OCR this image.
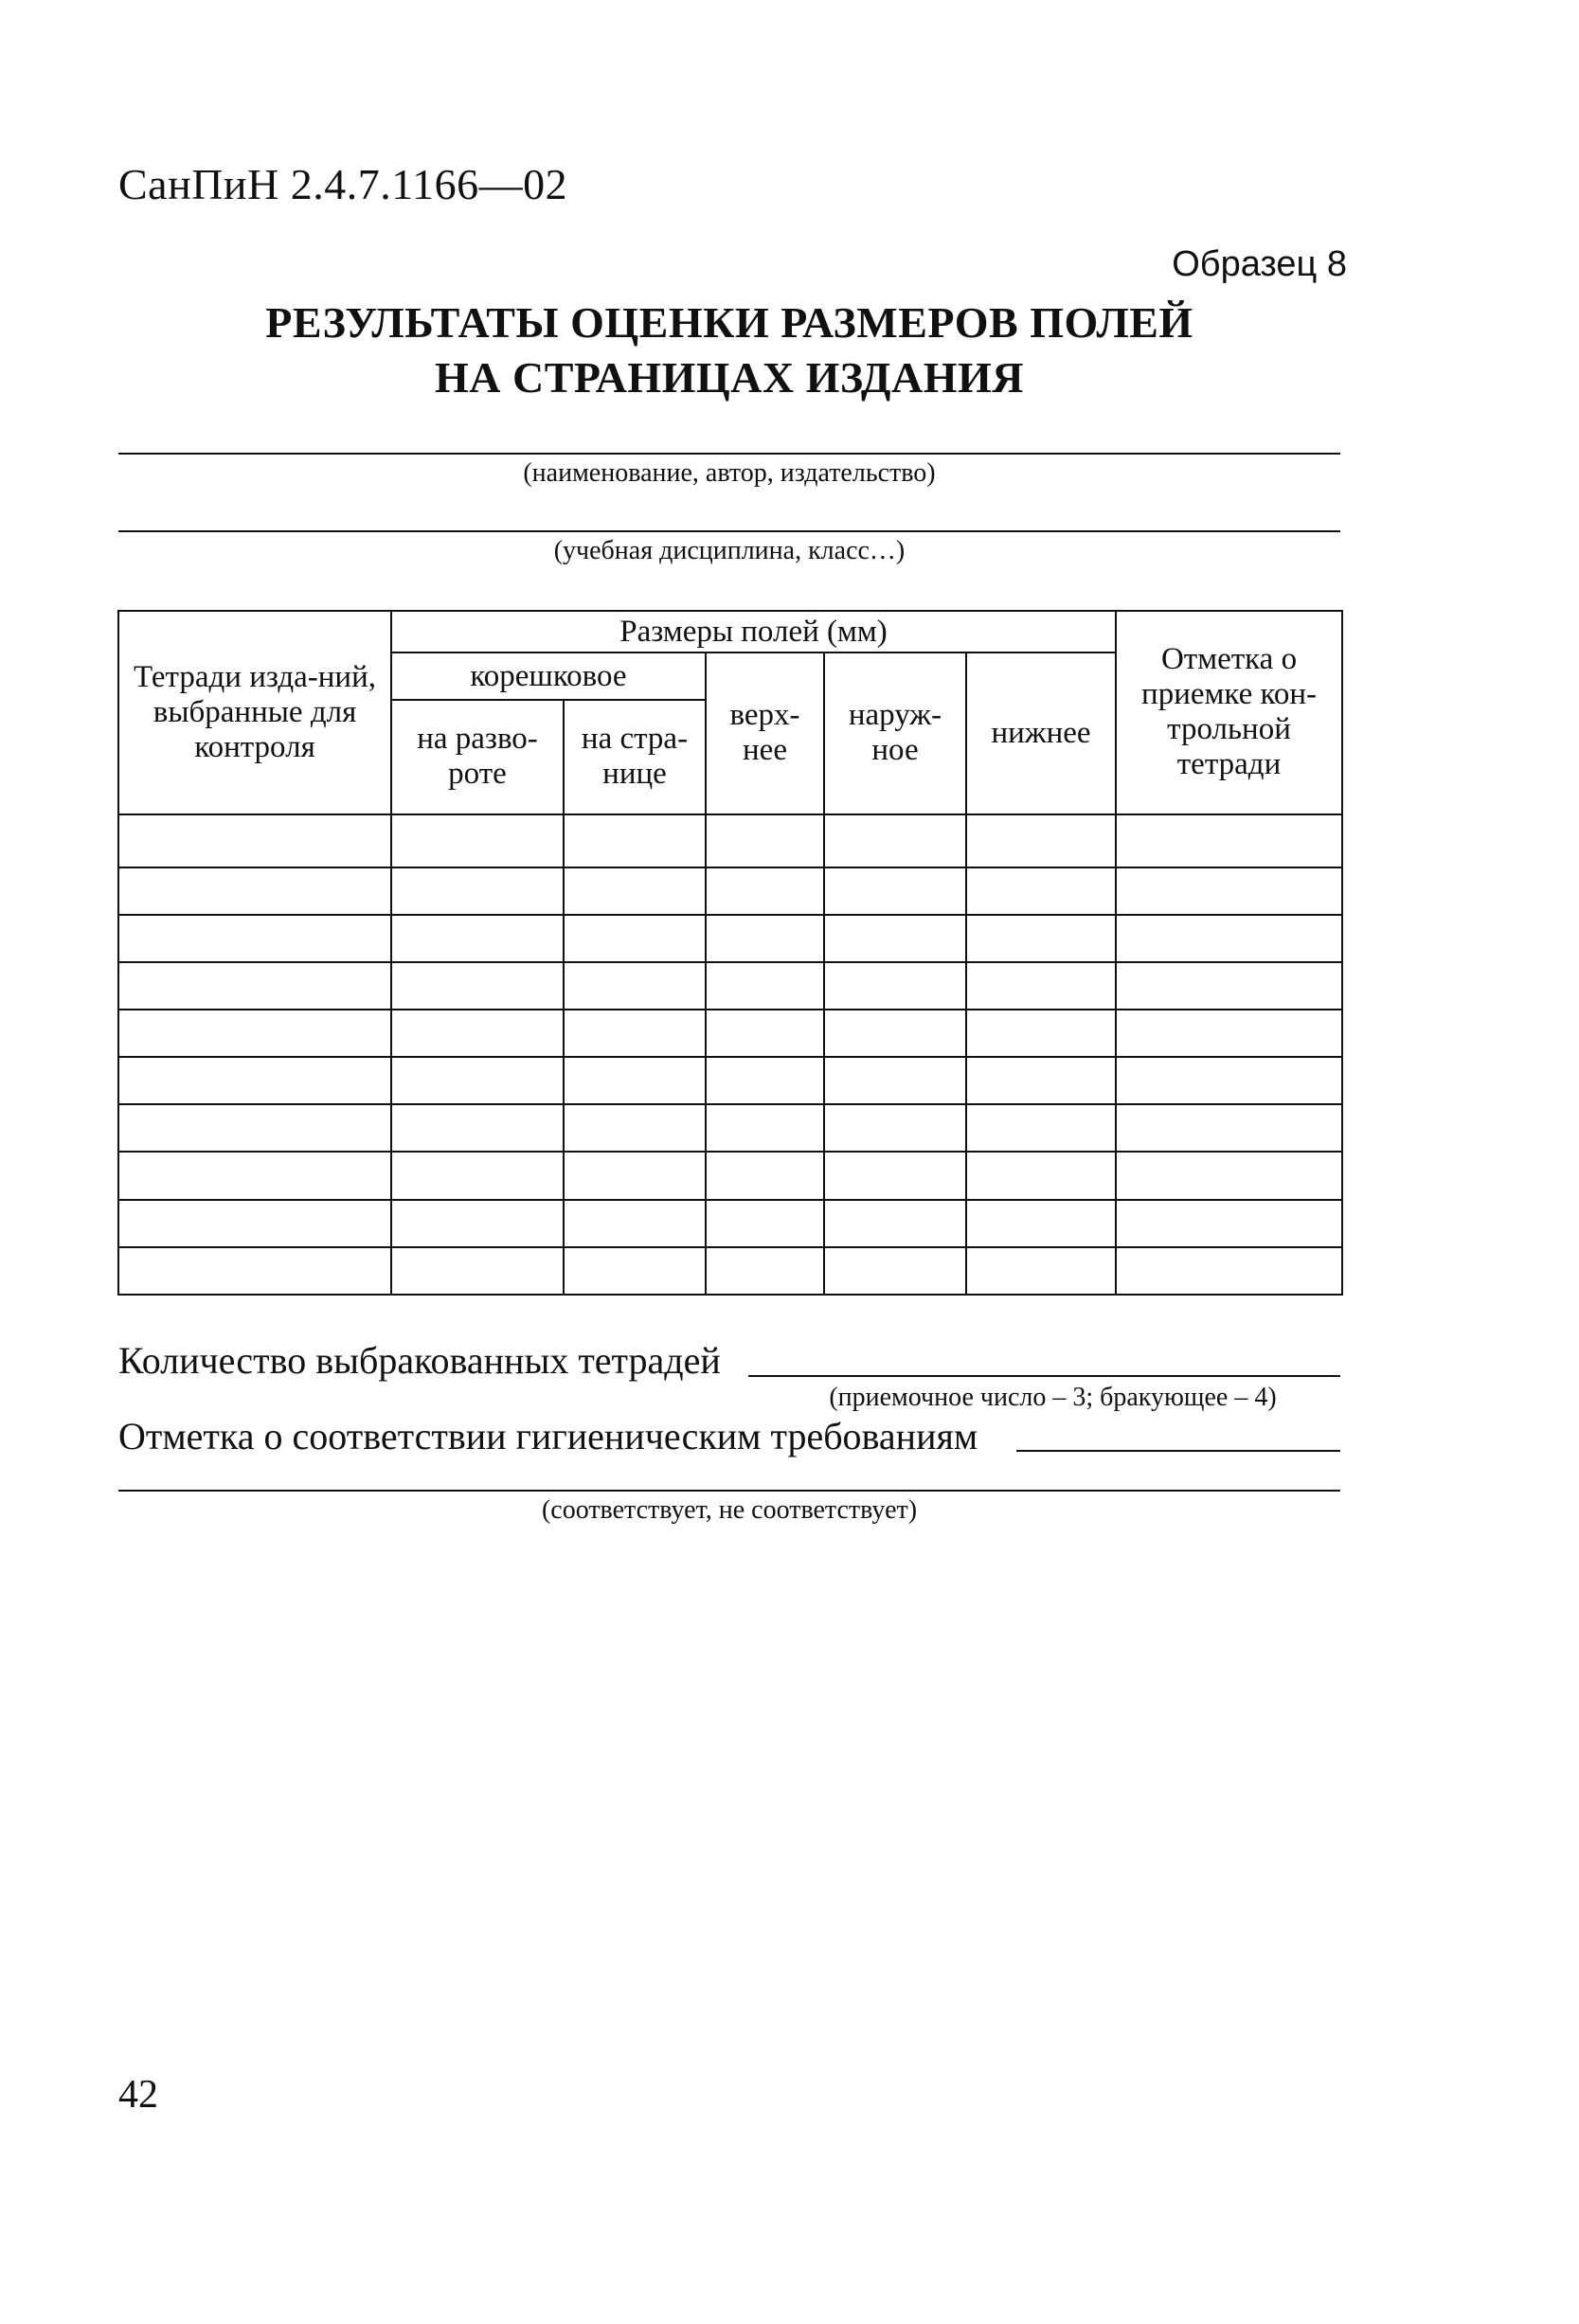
СанПиН 2.4.7.1166—02
Образец 8
РЕЗУЛЬТАТЫ ОЦЕНКИ РАЗМЕРОВ ПОЛЕЙ
НА СТРАНИЦАХ ИЗДАНИЯ
(наименование, автор, издательство)
(учебная дисциплина, класс…)
Тетради изда-ний, выбранные для контроля	Размеры полей (мм)					Отметка о приемке кон-трольной тетради
	корешковое		верх-нее	наруж-ное	нижнее	
	на разво-роте	на стра-нице				

Количество выбракованных тетрадей
(приемочное число – 3; бракующее – 4)
Отметка о соответствии гигиеническим требованиям
(соответствует, не соответствует)
42
